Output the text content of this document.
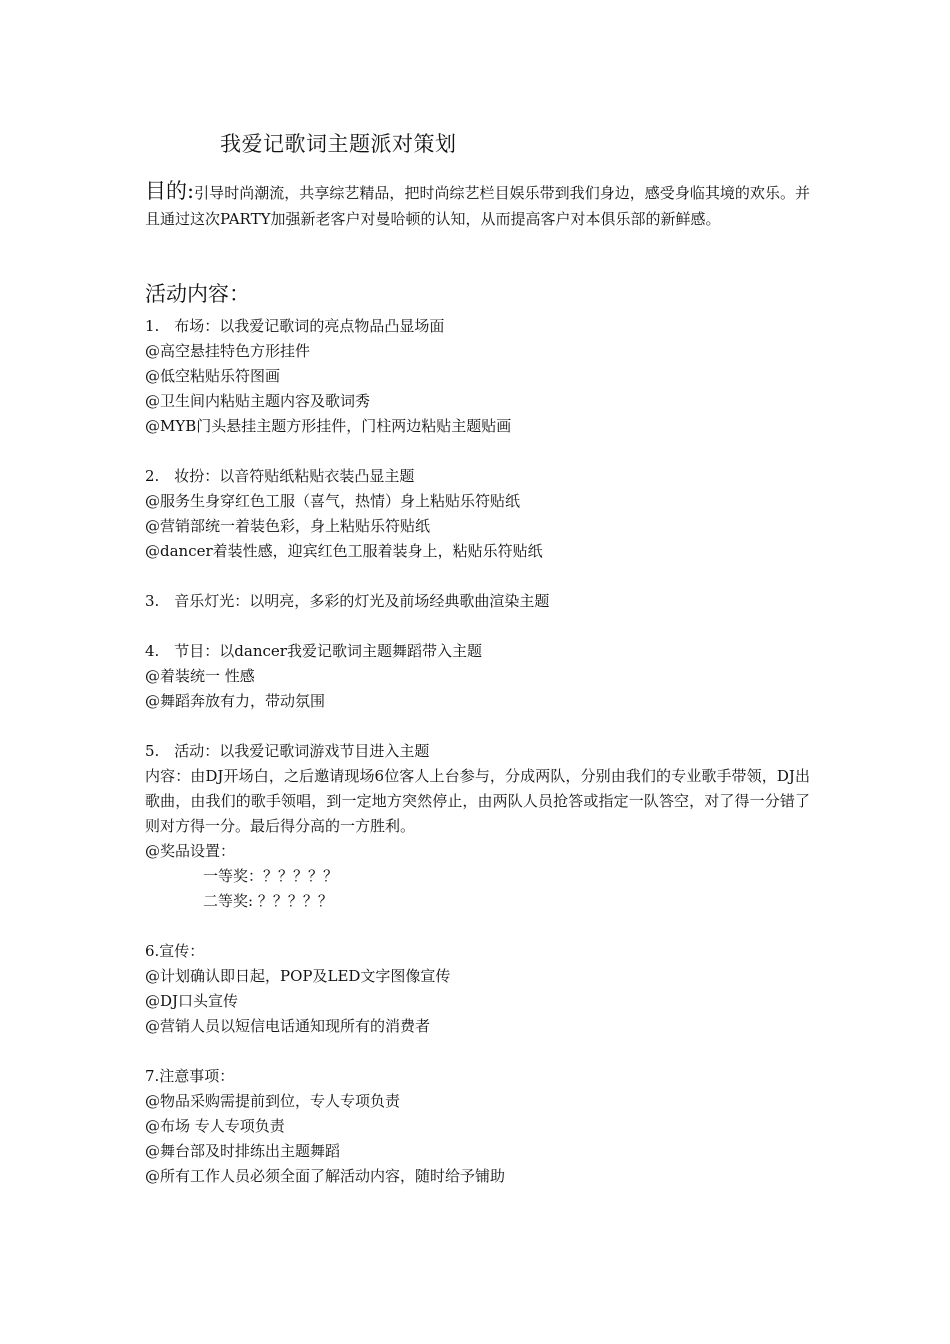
我爱记歌词主题派对策划
目的:引导时尚潮流，共享综艺精品，把时尚综艺栏目娱乐带到我们身边，感受身临其境的欢乐。并且通过这次PARTY加强新老客户对曼哈顿的认知，从而提高客户对本俱乐部的新鲜感。
活动内容：
1.　布场：以我爱记歌词的亮点物品凸显场面
@高空悬挂特色方形挂件
@低空粘贴乐符图画
@卫生间内粘贴主题内容及歌词秀
@MYB门头悬挂主题方形挂件，门柱两边粘贴主题贴画
2.　妆扮：以音符贴纸粘贴衣装凸显主题
@服务生身穿红色工服（喜气，热情）身上粘贴乐符贴纸
@营销部统一着装色彩，身上粘贴乐符贴纸
@dancer着装性感，迎宾红色工服着装身上，粘贴乐符贴纸
3.　音乐灯光：以明亮，多彩的灯光及前场经典歌曲渲染主题
4.　节目：以dancer我爱记歌词主题舞蹈带入主题
@着装统一 性感
@舞蹈奔放有力，带动氛围
5.　活动：以我爱记歌词游戏节目进入主题
内容：由DJ开场白，之后邀请现场6位客人上台参与，分成两队，分别由我们的专业歌手带领，DJ出歌曲，由我们的歌手领唱，到一定地方突然停止，由两队人员抢答或指定一队答空，对了得一分错了则对方得一分。最后得分高的一方胜利。
@奖品设置：
一等奖：？？？？？
二等奖: ？？？？？
6.宣传：
@计划确认即日起，POP及LED文字图像宣传
@DJ口头宣传
@营销人员以短信电话通知现所有的消费者
7.注意事项：
@物品采购需提前到位，专人专项负责
@布场 专人专项负责
@舞台部及时排练出主题舞蹈
@所有工作人员必须全面了解活动内容，随时给予铺助
